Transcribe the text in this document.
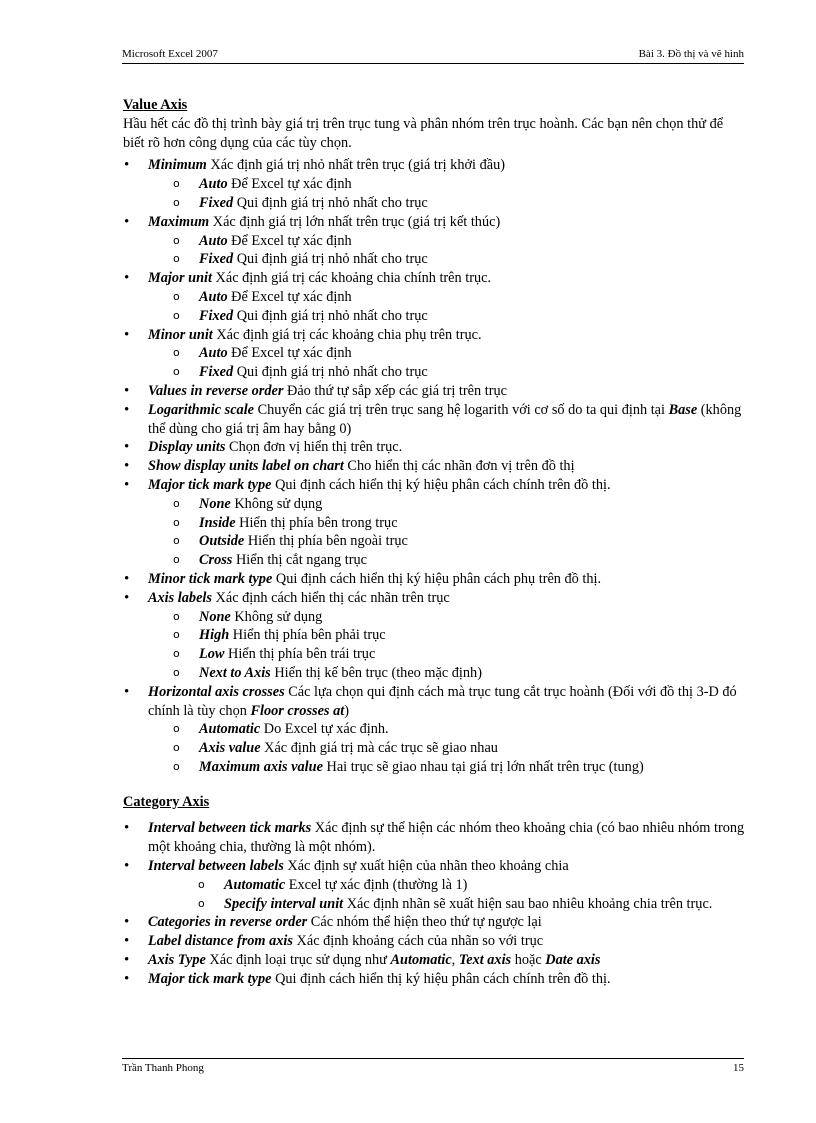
Microsoft Excel 2007	Bài 3. Đồ thị và vẽ hình
Value Axis

Hầu hết các đồ thị trình bày giá trị trên trục tung và phân nhóm trên trục hoành. Các bạn nên chọn thử để biết rõ hơn công dụng của các tùy chọn.

• Minimum Xác định giá trị nhỏ nhất trên trục (giá trị khởi đầu)
o Auto Để Excel tự xác định
o Fixed Qui định giá trị nhỏ nhất cho trục
• Maximum Xác định giá trị lớn nhất trên trục (giá trị kết thúc)
o Auto Để Excel tự xác định
o Fixed Qui định giá trị nhỏ nhất cho trục
• Major unit Xác định giá trị các khoảng chia chính trên trục.
o Auto Để Excel tự xác định
o Fixed Qui định giá trị nhỏ nhất cho trục
• Minor unit Xác định giá trị các khoảng chia phụ trên trục.
o Auto Để Excel tự xác định
o Fixed Qui định giá trị nhỏ nhất cho trục
• Values in reverse order Đảo thứ tự sắp xếp các giá trị trên trục
• Logarithmic scale Chuyển các giá trị trên trục sang hệ logarith với cơ số do ta qui định tại Base (không thể dùng cho giá trị âm hay bằng 0)
• Display units Chọn đơn vị hiển thị trên trục.
• Show display units label on chart Cho hiển thị các nhãn đơn vị trên đồ thị
• Major tick mark type Qui định cách hiển thị ký hiệu phân cách chính trên đồ thị.
o None Không sử dụng
o Inside Hiển thị phía bên trong trục
o Outside Hiển thị phía bên ngoài trục
o Cross Hiển thị cắt ngang trục
• Minor tick mark type Qui định cách hiển thị ký hiệu phân cách phụ trên đồ thị.
• Axis labels Xác định cách hiển thị các nhãn trên trục
o None Không sử dụng
o High Hiển thị phía bên phải trục
o Low Hiển thị phía bên trái trục
o Next to Axis Hiển thị kế bên trục (theo mặc định)
• Horizontal axis crosses Các lựa chọn qui định cách mà trục tung cắt trục hoành (Đối với đồ thị 3-D đó chính là tùy chọn Floor crosses at)
o Automatic Do Excel tự xác định.
o Axis value Xác định giá trị mà các trục sẽ giao nhau
o Maximum axis value Hai trục sẽ giao nhau tại giá trị lớn nhất trên trục (tung)
Category Axis
• Interval between tick marks Xác định sự thể hiện các nhóm theo khoảng chia (có bao nhiêu nhóm trong một khoảng chia, thường là một nhóm).
• Interval between labels Xác định sự xuất hiện của nhãn theo khoảng chia
o Automatic Excel tự xác định (thường là 1)
o Specify interval unit Xác định nhãn sẽ xuất hiện sau bao nhiêu khoảng chia trên trục.
• Categories in reverse order Các nhóm thể hiện theo thứ tự ngược lại
• Label distance from axis Xác định khoảng cách của nhãn so với trục
• Axis Type Xác định loại trục sử dụng như Automatic, Text axis hoặc Date axis
• Major tick mark type Qui định cách hiển thị ký hiệu phân cách chính trên đồ thị.
Trần Thanh Phong	15
